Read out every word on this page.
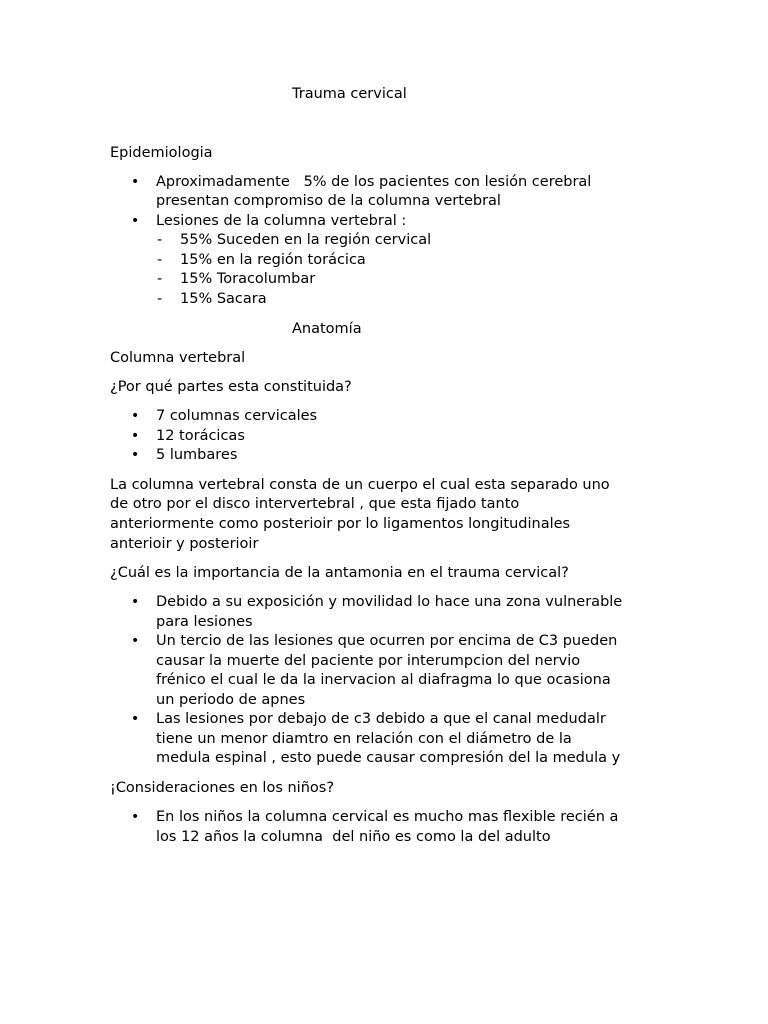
Trauma cervical

Epidemiologia

• Aproximadamente   5% de los pacientes con lesión cerebral

presentan compromiso de la columna vertebral

• Lesiones de la columna vertebral :

- 55% Suceden en la región cervical

- 15% en la región torácica

- 15% Toracolumbar

- 15% Sacara

Anatomía

Columna vertebral

¿Por qué partes esta constituida?

• 7 columnas cervicales

• 12 torácicas

• 5 lumbares

La columna vertebral consta de un cuerpo el cual esta separado uno

de otro por el disco intervertebral , que esta fijado tanto

anteriormente como posterioir por lo ligamentos longitudinales

anterioir y posterioir

¿Cuál es la importancia de la antamonia en el trauma cervical?

• Debido a su exposición y movilidad lo hace una zona vulnerable

para lesiones

• Un tercio de las lesiones que ocurren por encima de C3 pueden

causar la muerte del paciente por interumpcion del nervio

frénico el cual le da la inervacion al diafragma lo que ocasiona

un periodo de apnes

• Las lesiones por debajo de c3 debido a que el canal medudalr

tiene un menor diamtro en relación con el diámetro de la

medula espinal , esto puede causar compresión del la medula y

¡Consideraciones en los niños?

• En los niños la columna cervical es mucho mas flexible recién a

los 12 años la columna  del niño es como la del adulto
